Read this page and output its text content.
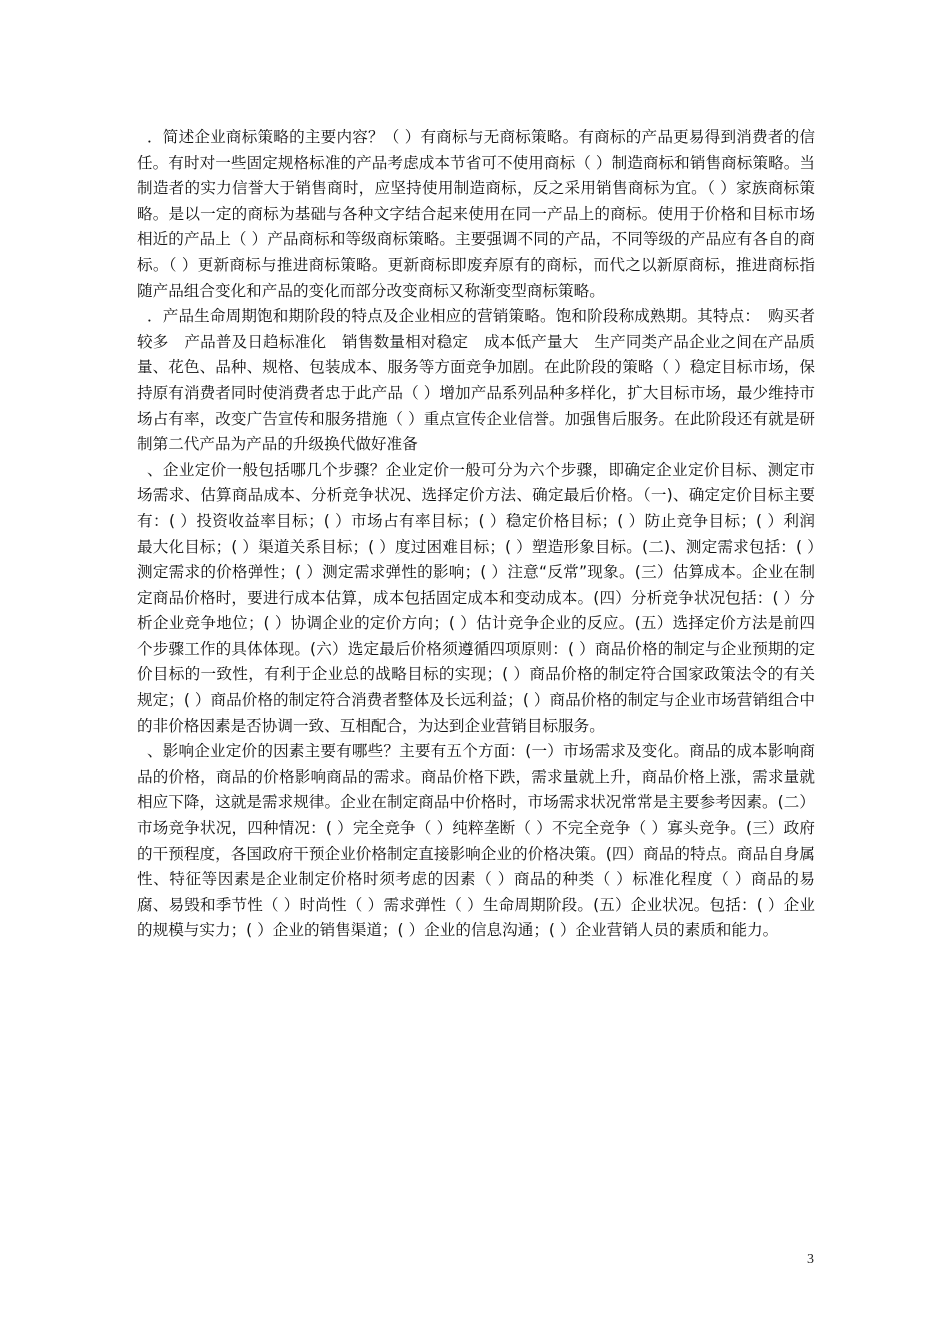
．简述企业商标策略的主要内容？（ ）有商标与无商标策略。有商标的产品更易得到消费者的信任。有时对一些固定规格标准的产品考虑成本节省可不使用商标（ ）制造商标和销售商标策略。当制造者的实力信誉大于销售商时，应坚持使用制造商标，反之采用销售商标为宜。（ ）家族商标策略。是以一定的商标为基础与各种文字结合起来使用在同一产品上的商标。使用于价格和目标市场相近的产品上（ ）产品商标和等级商标策略。主要强调不同的产品，不同等级的产品应有各自的商标。（ ）更新商标与推进商标策略。更新商标即废弃原有的商标，而代之以新原商标，推进商标指随产品组合变化和产品的变化而部分改变商标又称渐变型商标策略。

．产品生命周期饱和期阶段的特点及企业相应的营销策略。饱和阶段称成熟期。其特点：　购买者较多　产品普及日趋标准化　销售数量相对稳定　成本低产量大　生产同类产品企业之间在产品质量、花色、品种、规格、包装成本、服务等方面竞争加剧。在此阶段的策略（ ）稳定目标市场，保持原有消费者同时使消费者忠于此产品（ ）增加产品系列品种多样化，扩大目标市场，最少维持市场占有率，改变广告宣传和服务措施（ ）重点宣传企业信誉。加强售后服务。在此阶段还有就是研制第二代产品为产品的升级换代做好准备

、企业定价一般包括哪几个步骤？企业定价一般可分为六个步骤，即确定企业定价目标、测定市场需求、估算商品成本、分析竞争状况、选择定价方法、确定最后价格。（一)、确定定价目标主要有：( ）投资收益率目标；( ）市场占有率目标；( ）稳定价格目标；( ）防止竞争目标；( ）利润最大化目标；( ）渠道关系目标；( ）度过困难目标；( ）塑造形象目标。(二)、测定需求包括：( ）测定需求的价格弹性；( ）测定需求弹性的影响；( ）注意“反常”现象。(三）估算成本。企业在制定商品价格时，要进行成本估算，成本包括固定成本和变动成本。(四）分析竞争状况包括：( ）分析企业竞争地位；( ）协调企业的定价方向；( ）估计竞争企业的反应。(五）选择定价方法是前四个步骤工作的具体体现。(六）选定最后价格须遵循四项原则：( ）商品价格的制定与企业预期的定价目标的一致性，有利于企业总的战略目标的实现；( ）商品价格的制定符合国家政策法令的有关规定；( ）商品价格的制定符合消费者整体及长远利益；( ）商品价格的制定与企业市场营销组合中的非价格因素是否协调一致、互相配合，为达到企业营销目标服务。

、影响企业定价的因素主要有哪些？主要有五个方面：(一）市场需求及变化。商品的成本影响商品的价格，商品的价格影响商品的需求。商品价格下跌，需求量就上升，商品价格上涨，需求量就相应下降，这就是需求规律。企业在制定商品中价格时，市场需求状况常常是主要参考因素。(二）市场竞争状况，四种情况：( ）完全竞争（ ）纯粹垄断（ ）不完全竞争（ ）寡头竞争。(三）政府的干预程度，各国政府干预企业价格制定直接影响企业的价格决策。(四）商品的特点。商品自身属性、特征等因素是企业制定价格时须考虑的因素（ ）商品的种类（ ）标准化程度（ ）商品的易腐、易毁和季节性（ ）时尚性（ ）需求弹性（ ）生命周期阶段。(五）企业状况。包括：( ）企业的规模与实力；( ）企业的销售渠道；( ）企业的信息沟通；( ）企业营销人员的素质和能力。

3
